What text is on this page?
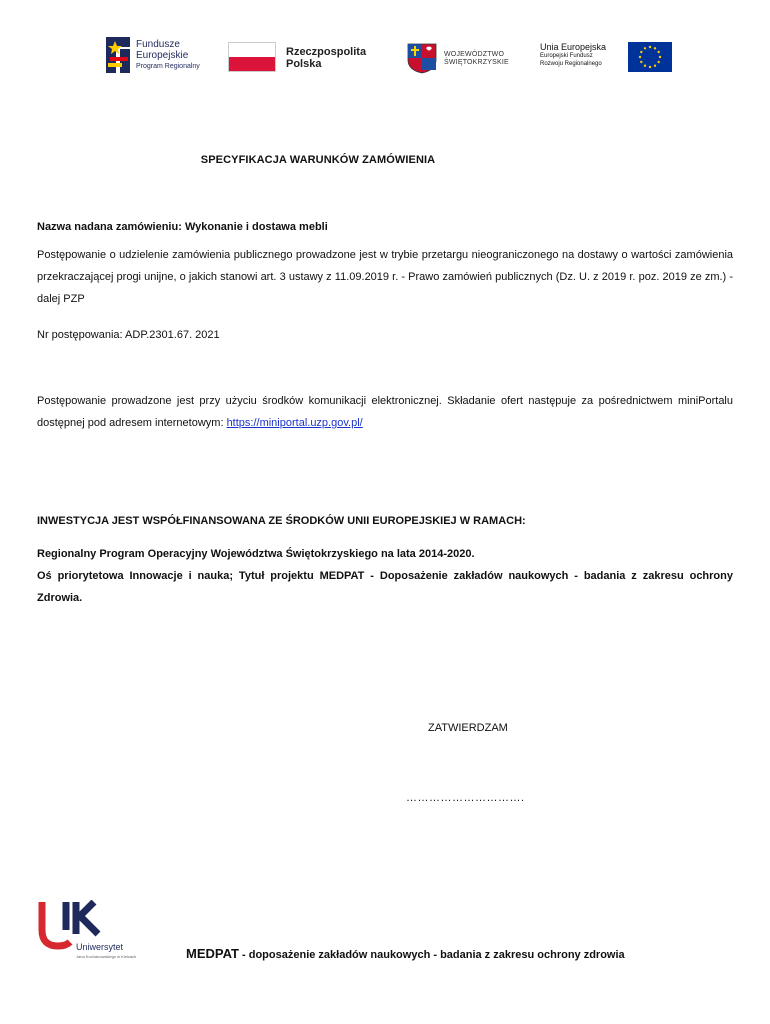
Fundusze
Europejskie
Program Regionalny
Rzeczpospolita
Polska
WOJEWÓDZTWO
ŚWIĘTOKRZYSKIE
Unia Europejska
Europejski Fundusz
Rozwoju Regionalnego
SPECYFIKACJA WARUNKÓW ZAMÓWIENIA
Nazwa nadana zamówieniu: Wykonanie i dostawa mebli
Postępowanie o udzielenie zamówienia publicznego prowadzone jest w trybie przetargu nieograniczonego na dostawy o wartości zamówienia przekraczającej progi unijne, o jakich stanowi art. 3 ustawy z 11.09.2019 r. - Prawo zamówień publicznych (Dz. U. z 2019 r. poz. 2019 ze zm.) - dalej PZP
Nr postępowania: ADP.2301.67. 2021
Postępowanie prowadzone jest przy użyciu środków komunikacji elektronicznej. Składanie ofert następuje za pośrednictwem miniPortalu dostępnej pod adresem internetowym: https://miniportal.uzp.gov.pl/
INWESTYCJA JEST WSPÓŁFINANSOWANA ZE ŚRODKÓW UNII EUROPEJSKIEJ W RAMACH:
Regionalny Program Operacyjny Województwa Świętokrzyskiego na lata 2014-2020.
Oś priorytetowa Innowacje i nauka; Tytuł projektu MEDPAT - Doposażenie zakładów naukowych - badania z zakresu ochrony Zdrowia.
ZATWIERDZAM
………………………….
Uniwersytet
Jana Kochanowskiego w Kielcach	MEDPAT - doposażenie zakładów naukowych - badania z zakresu ochrony zdrowia
